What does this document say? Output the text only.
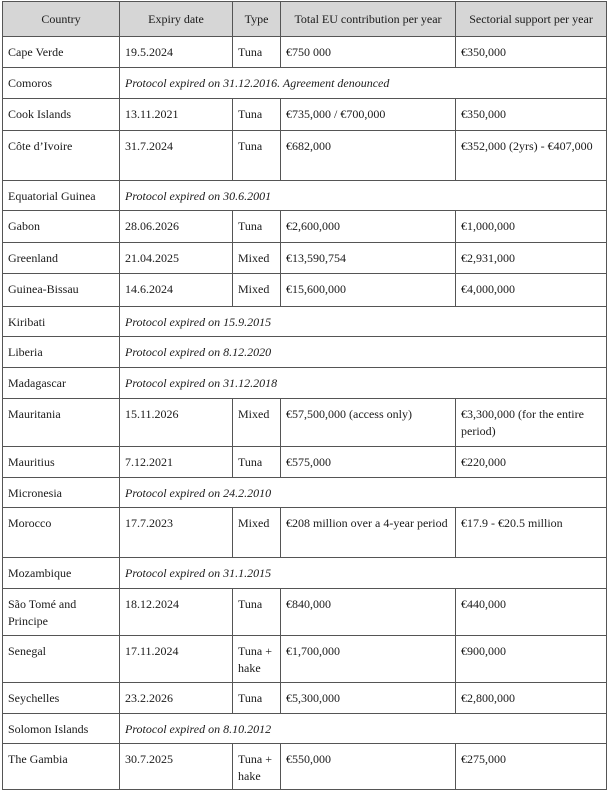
Country	Expiry date	Type	Total EU contribution per year	Sectorial support per year
Cape Verde	19.5.2024	Tuna	€750 000	€350,000
Comoros	Protocol expired on 31.12.2016. Agreement denounced			
Cook Islands	13.11.2021	Tuna	€735,000 / €700,000	€350,000
Côte d’Ivoire	31.7.2024	Tuna	€682,000	€352,000 (2yrs) - €407,000
Equatorial Guinea	Protocol expired on 30.6.2001			
Gabon	28.06.2026	Tuna	€2,600,000	€1,000,000
Greenland	21.04.2025	Mixed	€13,590,754	€2,931,000
Guinea-Bissau	14.6.2024	Mixed	€15,600,000	€4,000,000
Kiribati	Protocol expired on 15.9.2015			
Liberia	Protocol expired on 8.12.2020			
Madagascar	Protocol expired on 31.12.2018			
Mauritania	15.11.2026	Mixed	€57,500,000 (access only)	€3,300,000 (for the entire period)
Mauritius	7.12.2021	Tuna	€575,000	€220,000
Micronesia	Protocol expired on 24.2.2010			
Morocco	17.7.2023	Mixed	€208 million over a 4-year period	€17.9 - €20.5 million
Mozambique	Protocol expired on 31.1.2015			
São Tomé and Principe	18.12.2024	Tuna	€840,000	€440,000
Senegal	17.11.2024	Tuna + hake	€1,700,000	€900,000
Seychelles	23.2.2026	Tuna	€5,300,000	€2,800,000
Solomon Islands	Protocol expired on 8.10.2012			
The Gambia	30.7.2025	Tuna + hake	€550,000	€275,000
